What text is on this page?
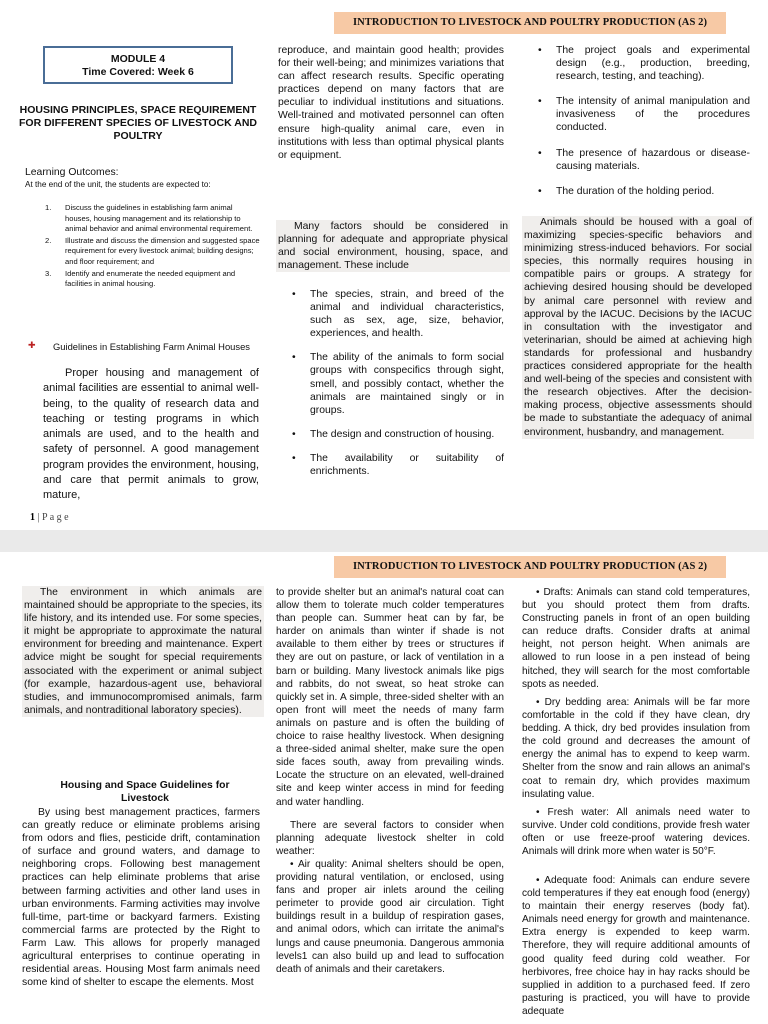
INTRODUCTION TO LIVESTOCK AND POULTRY PRODUCTION (AS 2)
MODULE 4
Time Covered: Week 6
HOUSING PRINCIPLES, SPACE REQUIREMENT FOR DIFFERENT SPECIES OF LIVESTOCK AND POULTRY
Learning Outcomes:
At the end of the unit, the students are expected to:
1. Discuss the guidelines in establishing farm animal houses, housing management and its relationship to animal behavior and animal environmental requirement.
2. Illustrate and discuss the dimension and suggested space requirement for every livestock animal; building designs; and floor requirement; and
3. Identify and enumerate the needed equipment and facilities in animal housing.
✚Guidelines in Establishing Farm Animal Houses
Proper housing and management of animal facilities are essential to animal well-being, to the quality of research data and teaching or testing programs in which animals are used, and to the health and safety of personnel. A good management program provides the environment, housing, and care that permit animals to grow, mature,
reproduce, and maintain good health; provides for their well-being; and minimizes variations that can affect research results. Specific operating practices depend on many factors that are peculiar to individual institutions and situations. Well-trained and motivated personnel can often ensure high-quality animal care, even in institutions with less than optimal physical plants or equipment.
Many factors should be considered in planning for adequate and appropriate physical and social environment, housing, space, and management. These include
• The species, strain, and breed of the animal and individual characteristics, such as sex, age, size, behavior, experiences, and health.
• The ability of the animals to form social groups with conspecifics through sight, smell, and possibly contact, whether the animals are maintained singly or in groups.
• The design and construction of housing.
• The availability or suitability of enrichments.
• The project goals and experimental design (e.g., production, breeding, research, testing, and teaching).
• The intensity of animal manipulation and invasiveness of the procedures conducted.
• The presence of hazardous or disease-causing materials.
• The duration of the holding period.
Animals should be housed with a goal of maximizing species-specific behaviors and minimizing stress-induced behaviors. For social species, this normally requires housing in compatible pairs or groups. A strategy for achieving desired housing should be developed by animal care personnel with review and approval by the IACUC. Decisions by the IACUC in consultation with the investigator and veterinarian, should be aimed at achieving high standards for professional and husbandry practices considered appropriate for the health and well-being of the species and consistent with the research objectives. After the decision-making process, objective assessments should be made to substantiate the adequacy of animal environment, husbandry, and management.
1 | P a g e
INTRODUCTION TO LIVESTOCK AND POULTRY PRODUCTION (AS 2)
The environment in which animals are maintained should be appropriate to the species, its life history, and its intended use. For some species, it might be appropriate to approximate the natural environment for breeding and maintenance. Expert advice might be sought for special requirements associated with the experiment or animal subject (for example, hazardous-agent use, behavioral studies, and immunocompromised animals, farm animals, and nontraditional laboratory species).
Housing and Space Guidelines for Livestock
By using best management practices, farmers can greatly reduce or eliminate problems arising from odors and flies, pesticide drift, contamination of surface and ground waters, and damage to neighboring crops. Following best management practices can help eliminate problems that arise between farming activities and other land uses in urban environments. Farming activities may involve full-time, part-time or backyard farmers. Existing commercial farms are protected by the Right to Farm Law. This allows for properly managed agricultural enterprises to continue operating in residential areas. Housing Most farm animals need some kind of shelter to escape the elements. Most
to provide shelter but an animal's natural coat can allow them to tolerate much colder temperatures than people can. Summer heat can by far, be harder on animals than winter if shade is not available to them either by trees or structures if they are out on pasture, or lack of ventilation in a barn or building. Many livestock animals like pigs and rabbits, do not sweat, so heat stroke can quickly set in. A simple, three-sided shelter with an open front will meet the needs of many farm animals on pasture and is often the building of choice to raise healthy livestock. When designing a three-sided animal shelter, make sure the open side faces south, away from prevailing winds. Locate the structure on an elevated, well-drained site and keep winter access in mind for feeding and water handling.
There are several factors to consider when planning adequate livestock shelter in cold weather:
• Air quality: Animal shelters should be open, providing natural ventilation, or enclosed, using fans and proper air inlets around the ceiling perimeter to provide good air circulation. Tight buildings result in a buildup of respiration gases, and animal odors, which can irritate the animal's lungs and cause pneumonia. Dangerous ammonia levels1 can also build up and lead to suffocation death of animals and their caretakers.
• Drafts: Animals can stand cold temperatures, but you should protect them from drafts. Constructing panels in front of an open building can reduce drafts. Consider drafts at animal height, not person height. When animals are allowed to run loose in a pen instead of being hitched, they will search for the most comfortable spots as needed.
• Dry bedding area: Animals will be far more comfortable in the cold if they have clean, dry bedding. A thick, dry bed provides insulation from the cold ground and decreases the amount of energy the animal has to expend to keep warm. Shelter from the snow and rain allows an animal's coat to remain dry, which provides maximum insulating value.
• Fresh water: All animals need water to survive. Under cold conditions, provide fresh water often or use freeze-proof watering devices. Animals will drink more when water is 50°F.
• Adequate food: Animals can endure severe cold temperatures if they eat enough food (energy) to maintain their energy reserves (body fat). Animals need energy for growth and maintenance. Extra energy is expended to keep warm. Therefore, they will require additional amounts of good quality feed during cold weather. For herbivores, free choice hay in hay racks should be supplied in addition to a purchased feed. If zero pasturing is practiced, you will have to provide adequate
